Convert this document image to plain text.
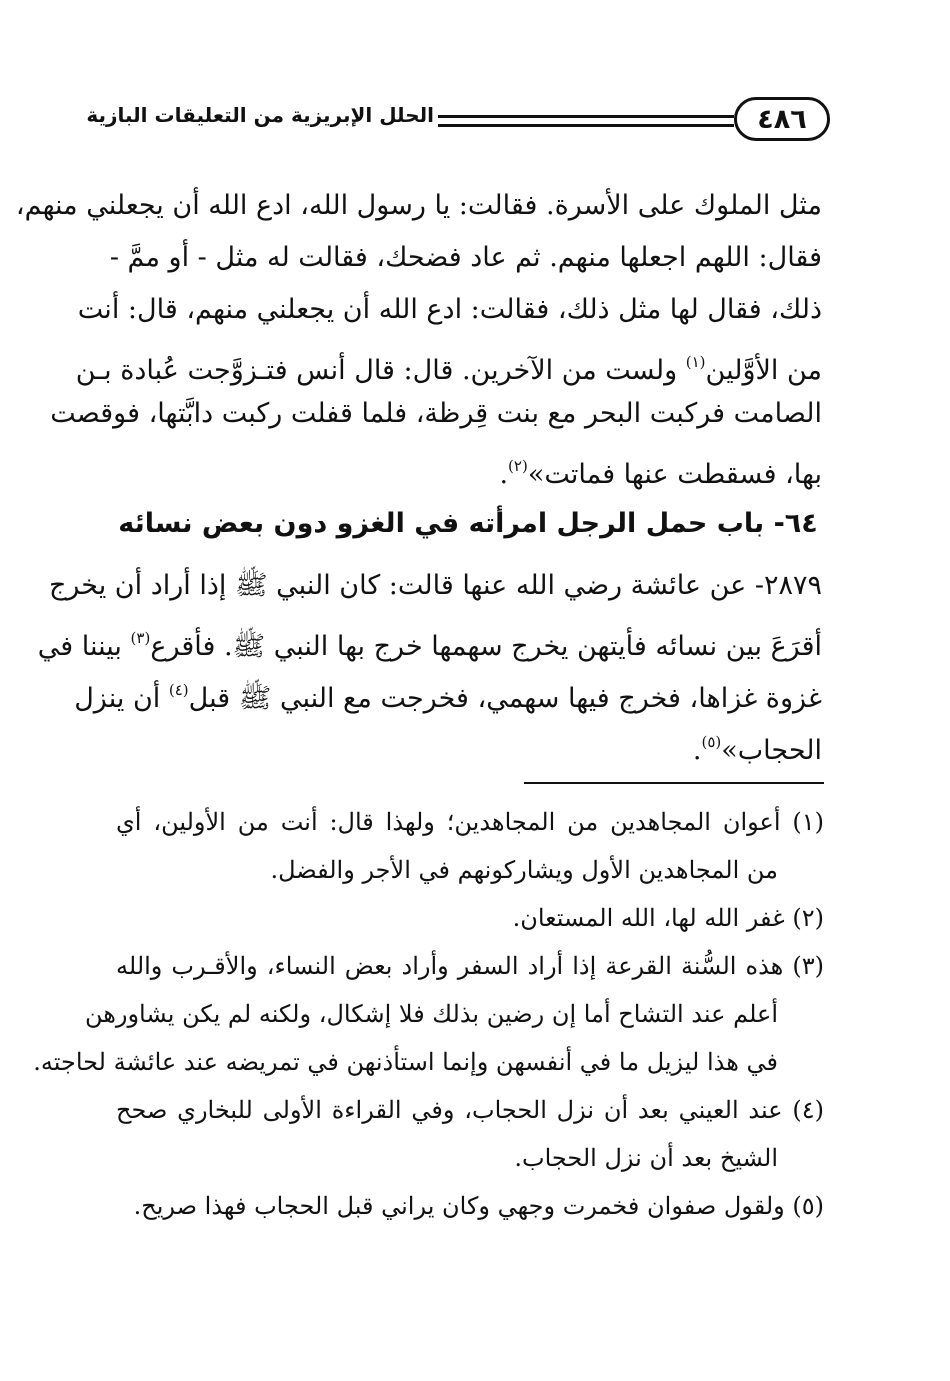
٤٨٦
الحلل الإبريزية من التعليقات البازية
مثل الملوك على الأسرة. فقالت: يا رسول الله، ادع الله أن يجعلني منهم،
فقال: اللهم اجعلها منهم. ثم عاد فضحك، فقالت له مثل - أو ممَّ -
ذلك، فقال لها مثل ذلك، فقالت: ادع الله أن يجعلني منهم، قال: أنت
من الأوَّلين$^{(١)}$ ولست من الآخرين. قال: قال أنس فتـزوَّجت عُبادة بـن
الصامت فركبت البحر مع بنت قِرظة، فلما قفلت ركبت دابَّتها، فوقصت
بها، فسقطت عنها فماتت»$^{(٢)}$.
٦٤- باب حمل الرجل امرأته في الغزو دون بعض نسائه
٢٨٧٩- عن عائشة رضي الله عنها قالت: كان النبي ﷺ إذا أراد أن يخرج
أقرَعَ بين نسائه فأيتهن يخرج سهمها خرج بها النبي ﷺ. فأقرع$^{(٣)}$ بيننا في
غزوة غزاها، فخرج فيها سهمي، فخرجت مع النبي ﷺ قبل$^{(٤)}$ أن ينزل
الحجاب»$^{(٥)}$.
(١) أعوان المجاهدين من المجاهدين؛ ولهذا قال: أنت من الأولين، أي
من المجاهدين الأول ويشاركونهم في الأجر والفضل.
(٢) غفر الله لها، الله المستعان.
(٣) هذه السُّنة القرعة إذا أراد السفر وأراد بعض النساء، والأقـرب والله
أعلم عند التشاح أما إن رضين بذلك فلا إشكال، ولكنه لم يكن يشاورهن
في هذا ليزيل ما في أنفسهن وإنما استأذنهن في تمريضه عند عائشة لحاجته.
(٤) عند العيني بعد أن نزل الحجاب، وفي القراءة الأولى للبخاري صحح
الشيخ بعد أن نزل الحجاب.
(٥) ولقول صفوان فخمرت وجهي وكان يراني قبل الحجاب فهذا صريح.
